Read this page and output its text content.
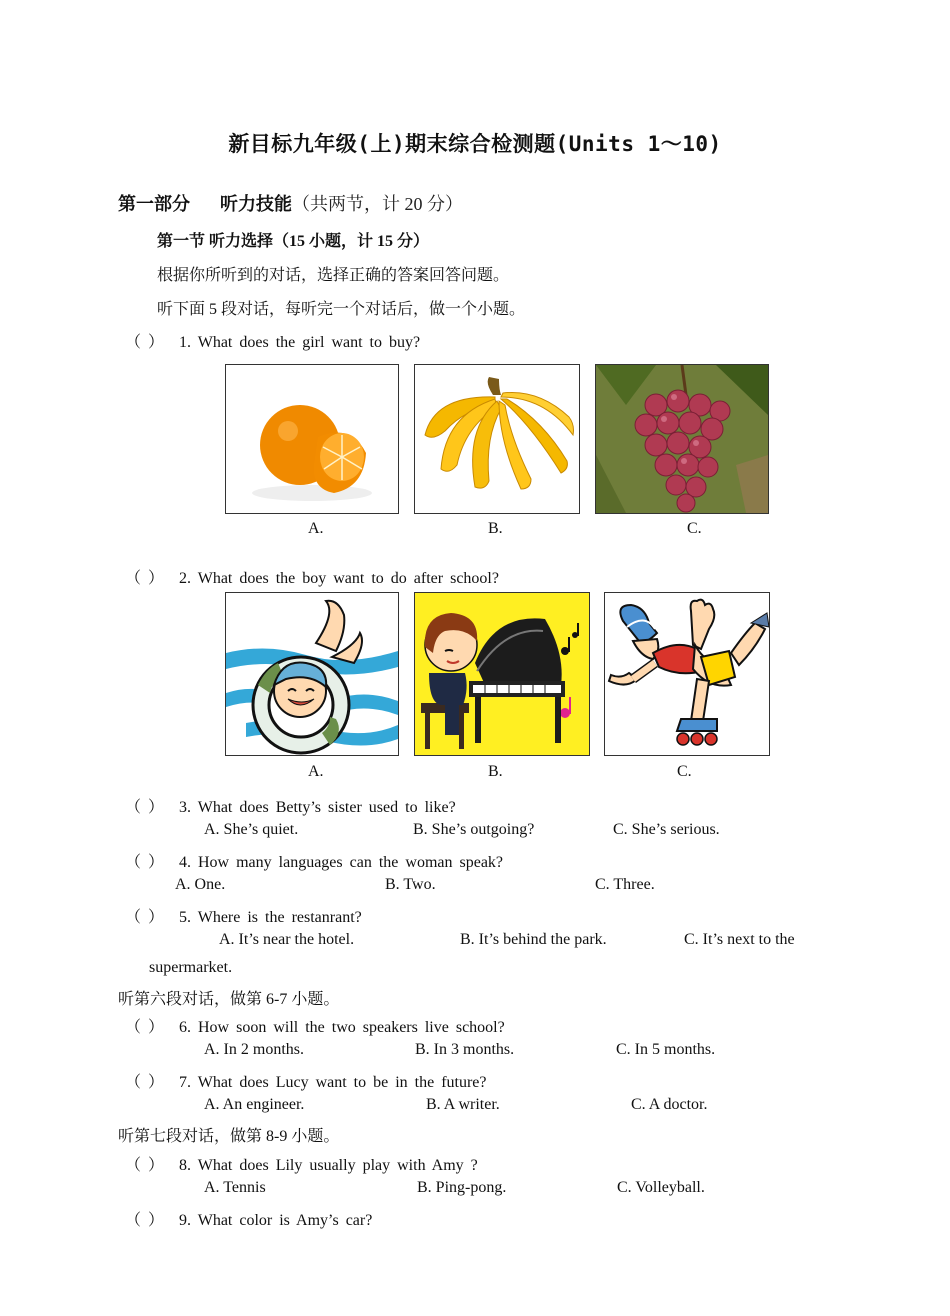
新目标九年级(上)期末综合检测题(Units 1～10)
第一部分 听力技能（共两节，计 20 分）
第一节 听力选择（15 小题，计 15 分）
根据你所听到的对话，选择正确的答案回答问题。
听下面 5 段对话，每听完一个对话后，做一个小题。
（ ） 1. What does the girl want to buy?
A.	B.	C.
（ ） 2. What does the boy want to do after school?
A.	B.	C.
（ ） 3. What does Betty’s sister used to like?
A. She’s quiet.	B. She’s outgoing?	C. She’s serious.
（ ） 4. How many languages can the woman speak?
A. One.	B. Two.	C. Three.
（ ） 5. Where is the restanrant?
A. It’s near the hotel.	B. It’s behind the park.	C. It’s next to the
supermarket.
听第六段对话，做第 6-7 小题。
（ ） 6. How soon will the two speakers live school?
A. In 2 months.	B. In 3 months.	C. In 5 months.
（ ） 7. What does Lucy want to be in the future?
A. An engineer.	B. A writer.	C. A doctor.
听第七段对话，做第 8-9 小题。
（ ） 8. What does Lily usually play with Amy ?
A. Tennis	B. Ping-pong.	C. Volleyball.
（ ） 9. What color is Amy’s car?
